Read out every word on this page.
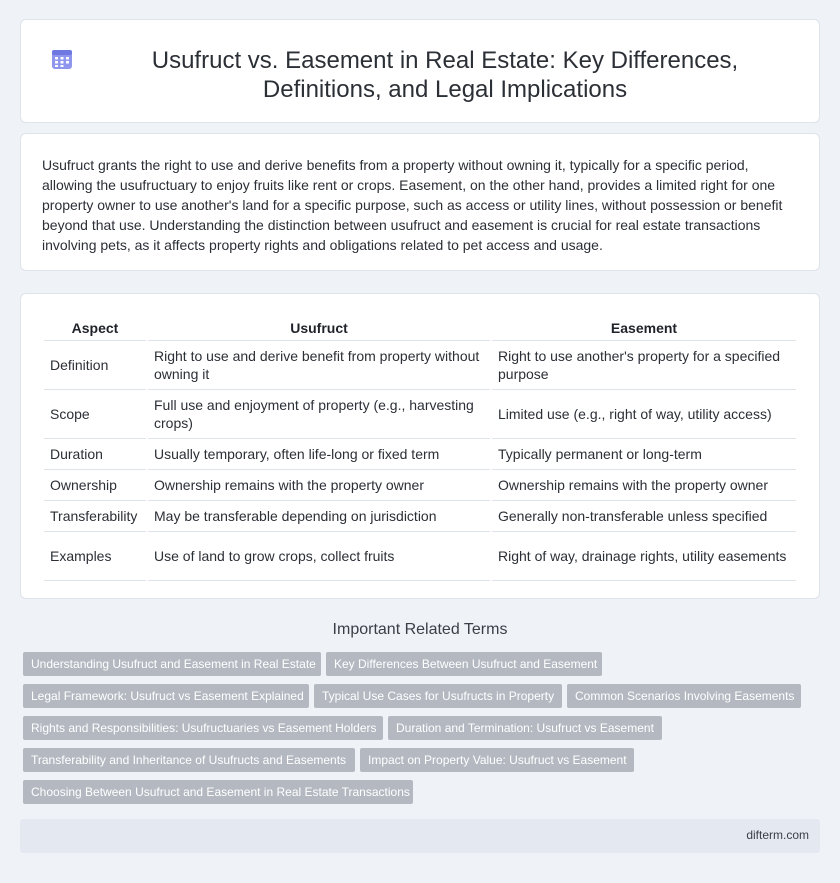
Usufruct vs. Easement in Real Estate: Key Differences, Definitions, and Legal Implications

Usufruct grants the right to use and derive benefits from a property without owning it, typically for a specific period, allowing the usufructuary to enjoy fruits like rent or crops. Easement, on the other hand, provides a limited right for one property owner to use another's land for a specific purpose, such as access or utility lines, without possession or benefit beyond that use. Understanding the distinction between usufruct and easement is crucial for real estate transactions involving pets, as it affects property rights and obligations related to pet access and usage.

Aspect	Usufruct	Easement
Definition	Right to use and derive benefit from property without owning it	Right to use another's property for a specified purpose
Scope	Full use and enjoyment of property (e.g., harvesting crops)	Limited use (e.g., right of way, utility access)
Duration	Usually temporary, often life-long or fixed term	Typically permanent or long-term
Ownership	Ownership remains with the property owner	Ownership remains with the property owner
Transferability	May be transferable depending on jurisdiction	Generally non-transferable unless specified
Examples	Use of land to grow crops, collect fruits	Right of way, drainage rights, utility easements
Important Related Terms
Understanding Usufruct and Easement in Real Estate	Key Differences Between Usufruct and Easement
Legal Framework: Usufruct vs Easement Explained	Typical Use Cases for Usufructs in Property	Common Scenarios Involving Easements
Rights and Responsibilities: Usufructuaries vs Easement Holders	Duration and Termination: Usufruct vs Easement
Transferability and Inheritance of Usufructs and Easements	Impact on Property Value: Usufruct vs Easement
Choosing Between Usufruct and Easement in Real Estate Transactions
difterm.com
